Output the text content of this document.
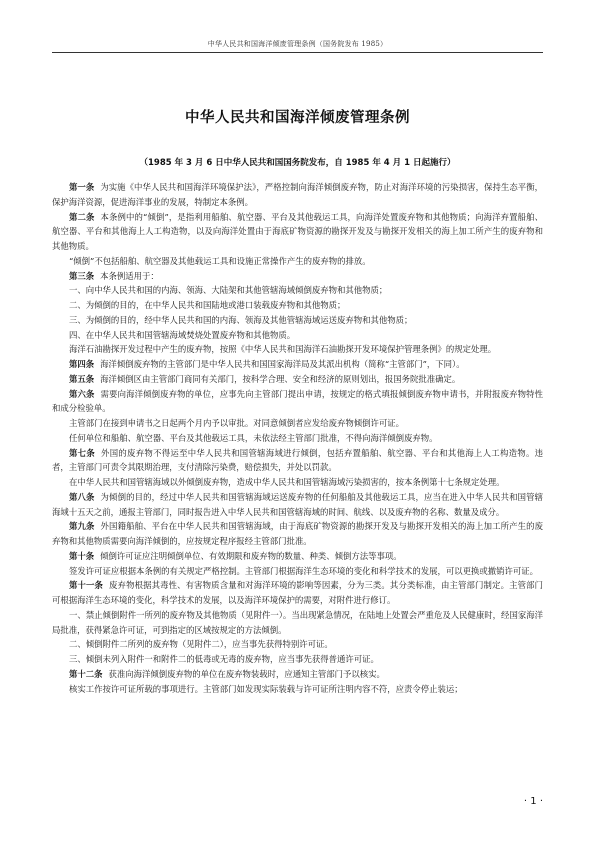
中华人民共和国海洋倾废管理条例（国务院发布 1985）
中华人民共和国海洋倾废管理条例
（1985 年 3 月 6 日中华人民共和国国务院发布，自 1985 年 4 月 1 日起施行）

第一条 为实施《中华人民共和国海洋环境保护法》，严格控制向海洋倾倒废弃物，防止对海洋环境的污染损害，保持生态平衡，保护海洋资源，促进海洋事业的发展，特制定本条例。

第二条 本条例中的“倾倒”，是指利用船舶、航空器、平台及其他载运工具，向海洋处置废弃物和其他物质；向海洋弃置船舶、航空器、平台和其他海上人工构造物，以及向海洋处置由于海底矿物资源的勘探开发及与勘探开发相关的海上加工所产生的废弃物和其他物质。

“倾倒”不包括船舶、航空器及其他载运工具和设施正常操作产生的废弃物的排放。

第三条 本条例适用于：

一、向中华人民共和国的内海、领海、大陆架和其他管辖海域倾倒废弃物和其他物质；

二、为倾倒的目的，在中华人民共和国陆地或港口装载废弃物和其他物质；

三、为倾倒的目的，经中华人民共和国的内海、领海及其他管辖海域运送废弃物和其他物质；

四、在中华人民共和国管辖海域焚烧处置废弃物和其他物质。

海洋石油勘探开发过程中产生的废弃物，按照《中华人民共和国海洋石油勘探开发环境保护管理条例》的规定处理。

第四条 海洋倾倒废弃物的主管部门是中华人民共和国国家海洋局及其派出机构（简称“主管部门”，下同）。

第五条 海洋倾倒区由主管部门商同有关部门，按科学合理、安全和经济的原则划出，报国务院批准确定。

第六条 需要向海洋倾倒废弃物的单位，应事先向主管部门提出申请，按规定的格式填报倾倒废弃物申请书，并附报废弃物特性和成分检验单。

主管部门在接到申请书之日起两个月内予以审批。对同意倾倒者应发给废弃物倾倒许可证。

任何单位和船舶、航空器、平台及其他载运工具，未依法经主管部门批准，不得向海洋倾倒废弃物。

第七条 外国的废弃物不得运至中华人民共和国管辖海域进行倾倒，包括弃置船舶、航空器、平台和其他海上人工构造物。违者，主管部门可责令其限期治理，支付清除污染费，赔偿损失，并处以罚款。

在中华人民共和国管辖海域以外倾倒废弃物，造成中华人民共和国管辖海域污染损害的，按本条例第十七条规定处理。

第八条 为倾倒的目的，经过中华人民共和国管辖海域运送废弃物的任何船舶及其他载运工具，应当在进入中华人民共和国管辖海域十五天之前，通报主管部门，同时报告进入中华人民共和国管辖海域的时间、航线、以及废弃物的名称、数量及成分。

第九条 外国籍船舶、平台在中华人民共和国管辖海域，由于海底矿物资源的勘探开发及与勘探开发相关的海上加工所产生的废弃物和其他物质需要向海洋倾倒的，应按规定程序报经主管部门批准。

第十条 倾倒许可证应注明倾倒单位、有效期限和废弃物的数量、种类、倾倒方法等事项。

签发许可证应根据本条例的有关规定严格控制。主管部门根据海洋生态环境的变化和科学技术的发展，可以更换或撤销许可证。

第十一条 废弃物根据其毒性、有害物质含量和对海洋环境的影响等因素，分为三类。其分类标准，由主管部门制定。主管部门可根据海洋生态环境的变化，科学技术的发展，以及海洋环境保护的需要，对附件进行修订。

一、禁止倾倒附件一所列的废弃物及其他物质（见附件一）。当出现紧急情况，在陆地上处置会严重危及人民健康时，经国家海洋局批准，获得紧急许可证，可到指定的区域按规定的方法倾倒。

二、倾倒附件二所列的废弃物（见附件二），应当事先获得特别许可证。

三、倾倒未列入附件一和附件二的低毒或无毒的废弃物，应当事先获得普通许可证。

第十二条 获准向海洋倾倒废弃物的单位在废弃物装载时，应通知主管部门予以核实。

核实工作按许可证所载的事项进行。主管部门如发现实际装载与许可证所注明内容不符，应责令停止装运；

· 1 ·
